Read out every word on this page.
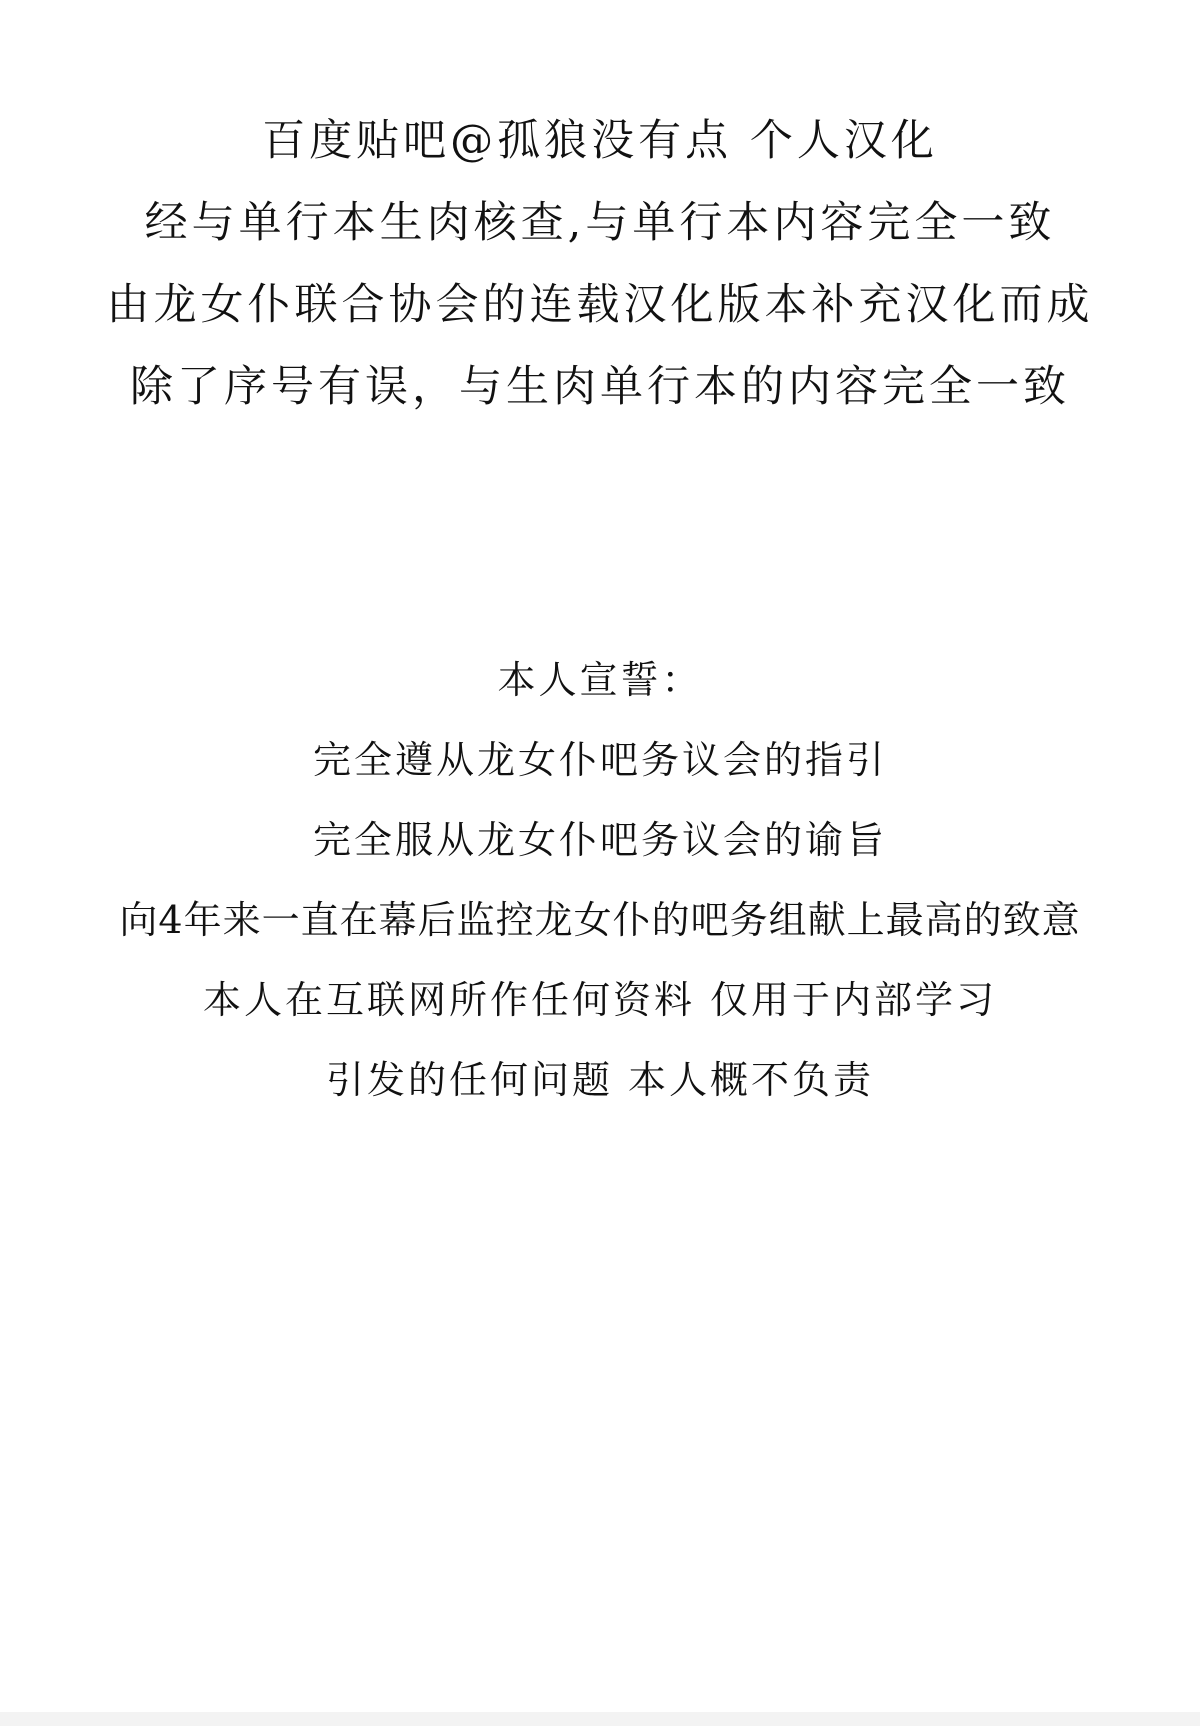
百度贴吧@孤狼没有点 个人汉化
经与单行本生肉核查,与单行本内容完全一致
由龙女仆联合协会的连载汉化版本补充汉化而成
除了序号有误，与生肉单行本的内容完全一致
本人宣誓：
完全遵从龙女仆吧务议会的指引
完全服从龙女仆吧务议会的谕旨
向4年来一直在幕后监控龙女仆的吧务组献上最高的致意
本人在互联网所作任何资料 仅用于内部学习
引发的任何问题 本人概不负责
